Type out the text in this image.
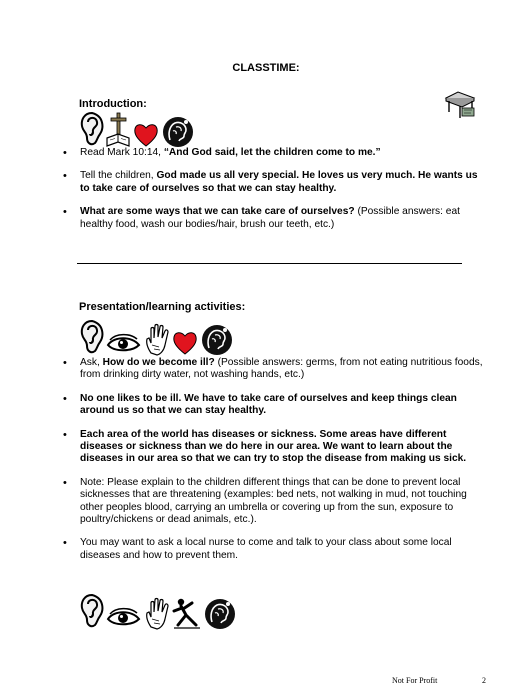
CLASSTIME:
Introduction:
• Read Mark 10:14, “And God said, let the children come to me.”
• Tell the children, God made us all very special. He loves us very much. He wants us to take care of ourselves so that we can stay healthy.
• What are some ways that we can take care of ourselves? (Possible answers: eat healthy food, wash our bodies/hair, brush our teeth, etc.)
Presentation/learning activities:
• Ask, How do we become ill? (Possible answers: germs, from not eating nutritious foods, from drinking dirty water, not washing hands, etc.)
• No one likes to be ill. We have to take care of ourselves and keep things clean around us so that we can stay healthy.
• Each area of the world has diseases or sickness. Some areas have different diseases or sickness than we do here in our area. We want to learn about the diseases in our area so that we can try to stop the disease from making us sick.
• Note: Please explain to the children different things that can be done to prevent local sicknesses that are threatening (examples: bed nets, not walking in mud, not touching other peoples blood, carrying an umbrella or covering up from the sun, exposure to poultry/chickens or dead animals, etc.).
• You may want to ask a local nurse to come and talk to your class about some local diseases and how to prevent them.
Not For Profit	2
